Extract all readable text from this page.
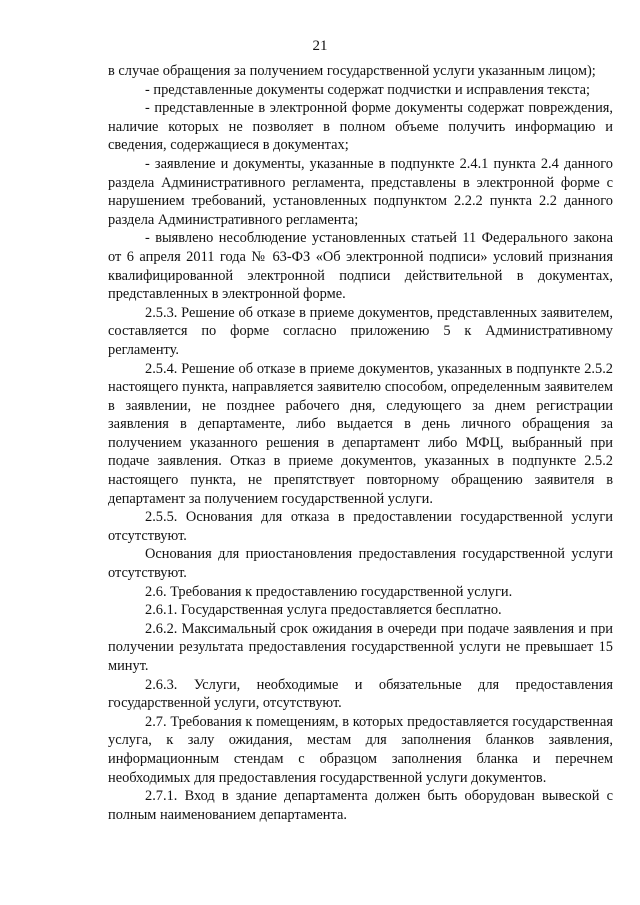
21

в случае обращения за получением государственной услуги указанным лицом);

- представленные документы содержат подчистки и исправления текста;

- представленные в электронной форме документы содержат повреждения, наличие которых не позволяет в полном объеме получить информацию и сведения, содержащиеся в документах;

- заявление и документы, указанные в подпункте 2.4.1 пункта 2.4 данного раздела Административного регламента, представлены в электронной форме с нарушением требований, установленных подпунктом 2.2.2 пункта 2.2 данного раздела Административного регламента;

- выявлено несоблюдение установленных статьей 11 Федерального закона от 6 апреля 2011 года № 63-ФЗ «Об электронной подписи» условий признания квалифицированной электронной подписи действительной в документах, представленных в электронной форме.

2.5.3. Решение об отказе в приеме документов, представленных заявителем, составляется по форме согласно приложению 5 к Административному регламенту.

2.5.4. Решение об отказе в приеме документов, указанных в подпункте 2.5.2 настоящего пункта, направляется заявителю способом, определенным заявителем в заявлении, не позднее рабочего дня, следующего за днем регистрации заявления в департаменте, либо выдается в день личного обращения за получением указанного решения в департамент либо МФЦ, выбранный при подаче заявления. Отказ в приеме документов, указанных в подпункте 2.5.2 настоящего пункта, не препятствует повторному обращению заявителя в департамент за получением государственной услуги.

2.5.5. Основания для отказа в предоставлении государственной услуги отсутствуют.

Основания для приостановления предоставления государственной услуги отсутствуют.

2.6. Требования к предоставлению государственной услуги.

2.6.1. Государственная услуга предоставляется бесплатно.

2.6.2. Максимальный срок ожидания в очереди при подаче заявления и при получении результата предоставления государственной услуги не превышает 15 минут.

2.6.3. Услуги, необходимые и обязательные для предоставления государственной услуги, отсутствуют.

2.7. Требования к помещениям, в которых предоставляется государственная услуга, к залу ожидания, местам для заполнения бланков заявления, информационным стендам с образцом заполнения бланка и перечнем необходимых для предоставления государственной услуги документов.

2.7.1. Вход в здание департамента должен быть оборудован вывеской с полным наименованием департамента.
